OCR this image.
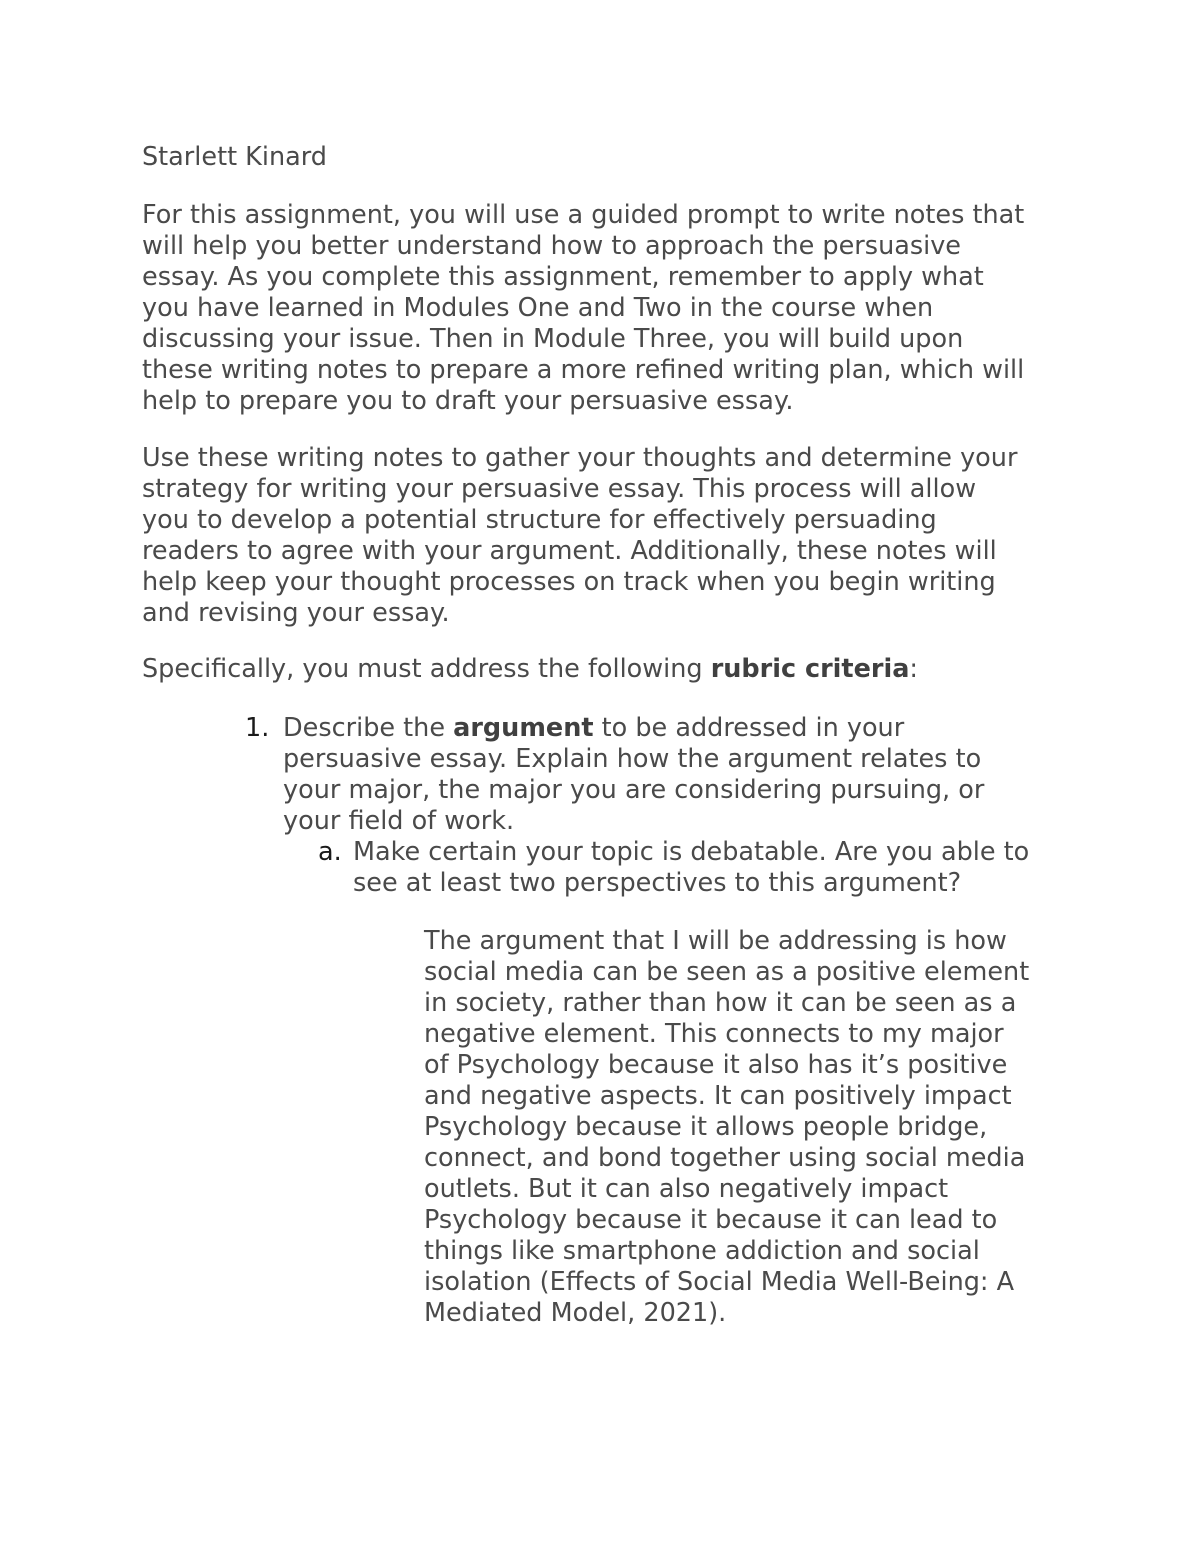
Starlett Kinard

For this assignment, you will use a guided prompt to write notes that
will help you better understand how to approach the persuasive
essay. As you complete this assignment, remember to apply what
you have learned in Modules One and Two in the course when
discussing your issue. Then in Module Three, you will build upon
these writing notes to prepare a more refined writing plan, which will
help to prepare you to draft your persuasive essay.

Use these writing notes to gather your thoughts and determine your
strategy for writing your persuasive essay. This process will allow
you to develop a potential structure for effectively persuading
readers to agree with your argument. Additionally, these notes will
help keep your thought processes on track when you begin writing
and revising your essay.

Specifically, you must address the following rubric criteria:

1. Describe the argument to be addressed in your
persuasive essay. Explain how the argument relates to
your major, the major you are considering pursuing, or
your field of work.

a. Make certain your topic is debatable. Are you able to
see at least two perspectives to this argument?

The argument that I will be addressing is how
social media can be seen as a positive element
in society, rather than how it can be seen as a
negative element. This connects to my major
of Psychology because it also has it’s positive
and negative aspects. It can positively impact
Psychology because it allows people bridge,
connect, and bond together using social media
outlets. But it can also negatively impact
Psychology because it because it can lead to
things like smartphone addiction and social
isolation (Effects of Social Media Well-Being: A
Mediated Model, 2021).
